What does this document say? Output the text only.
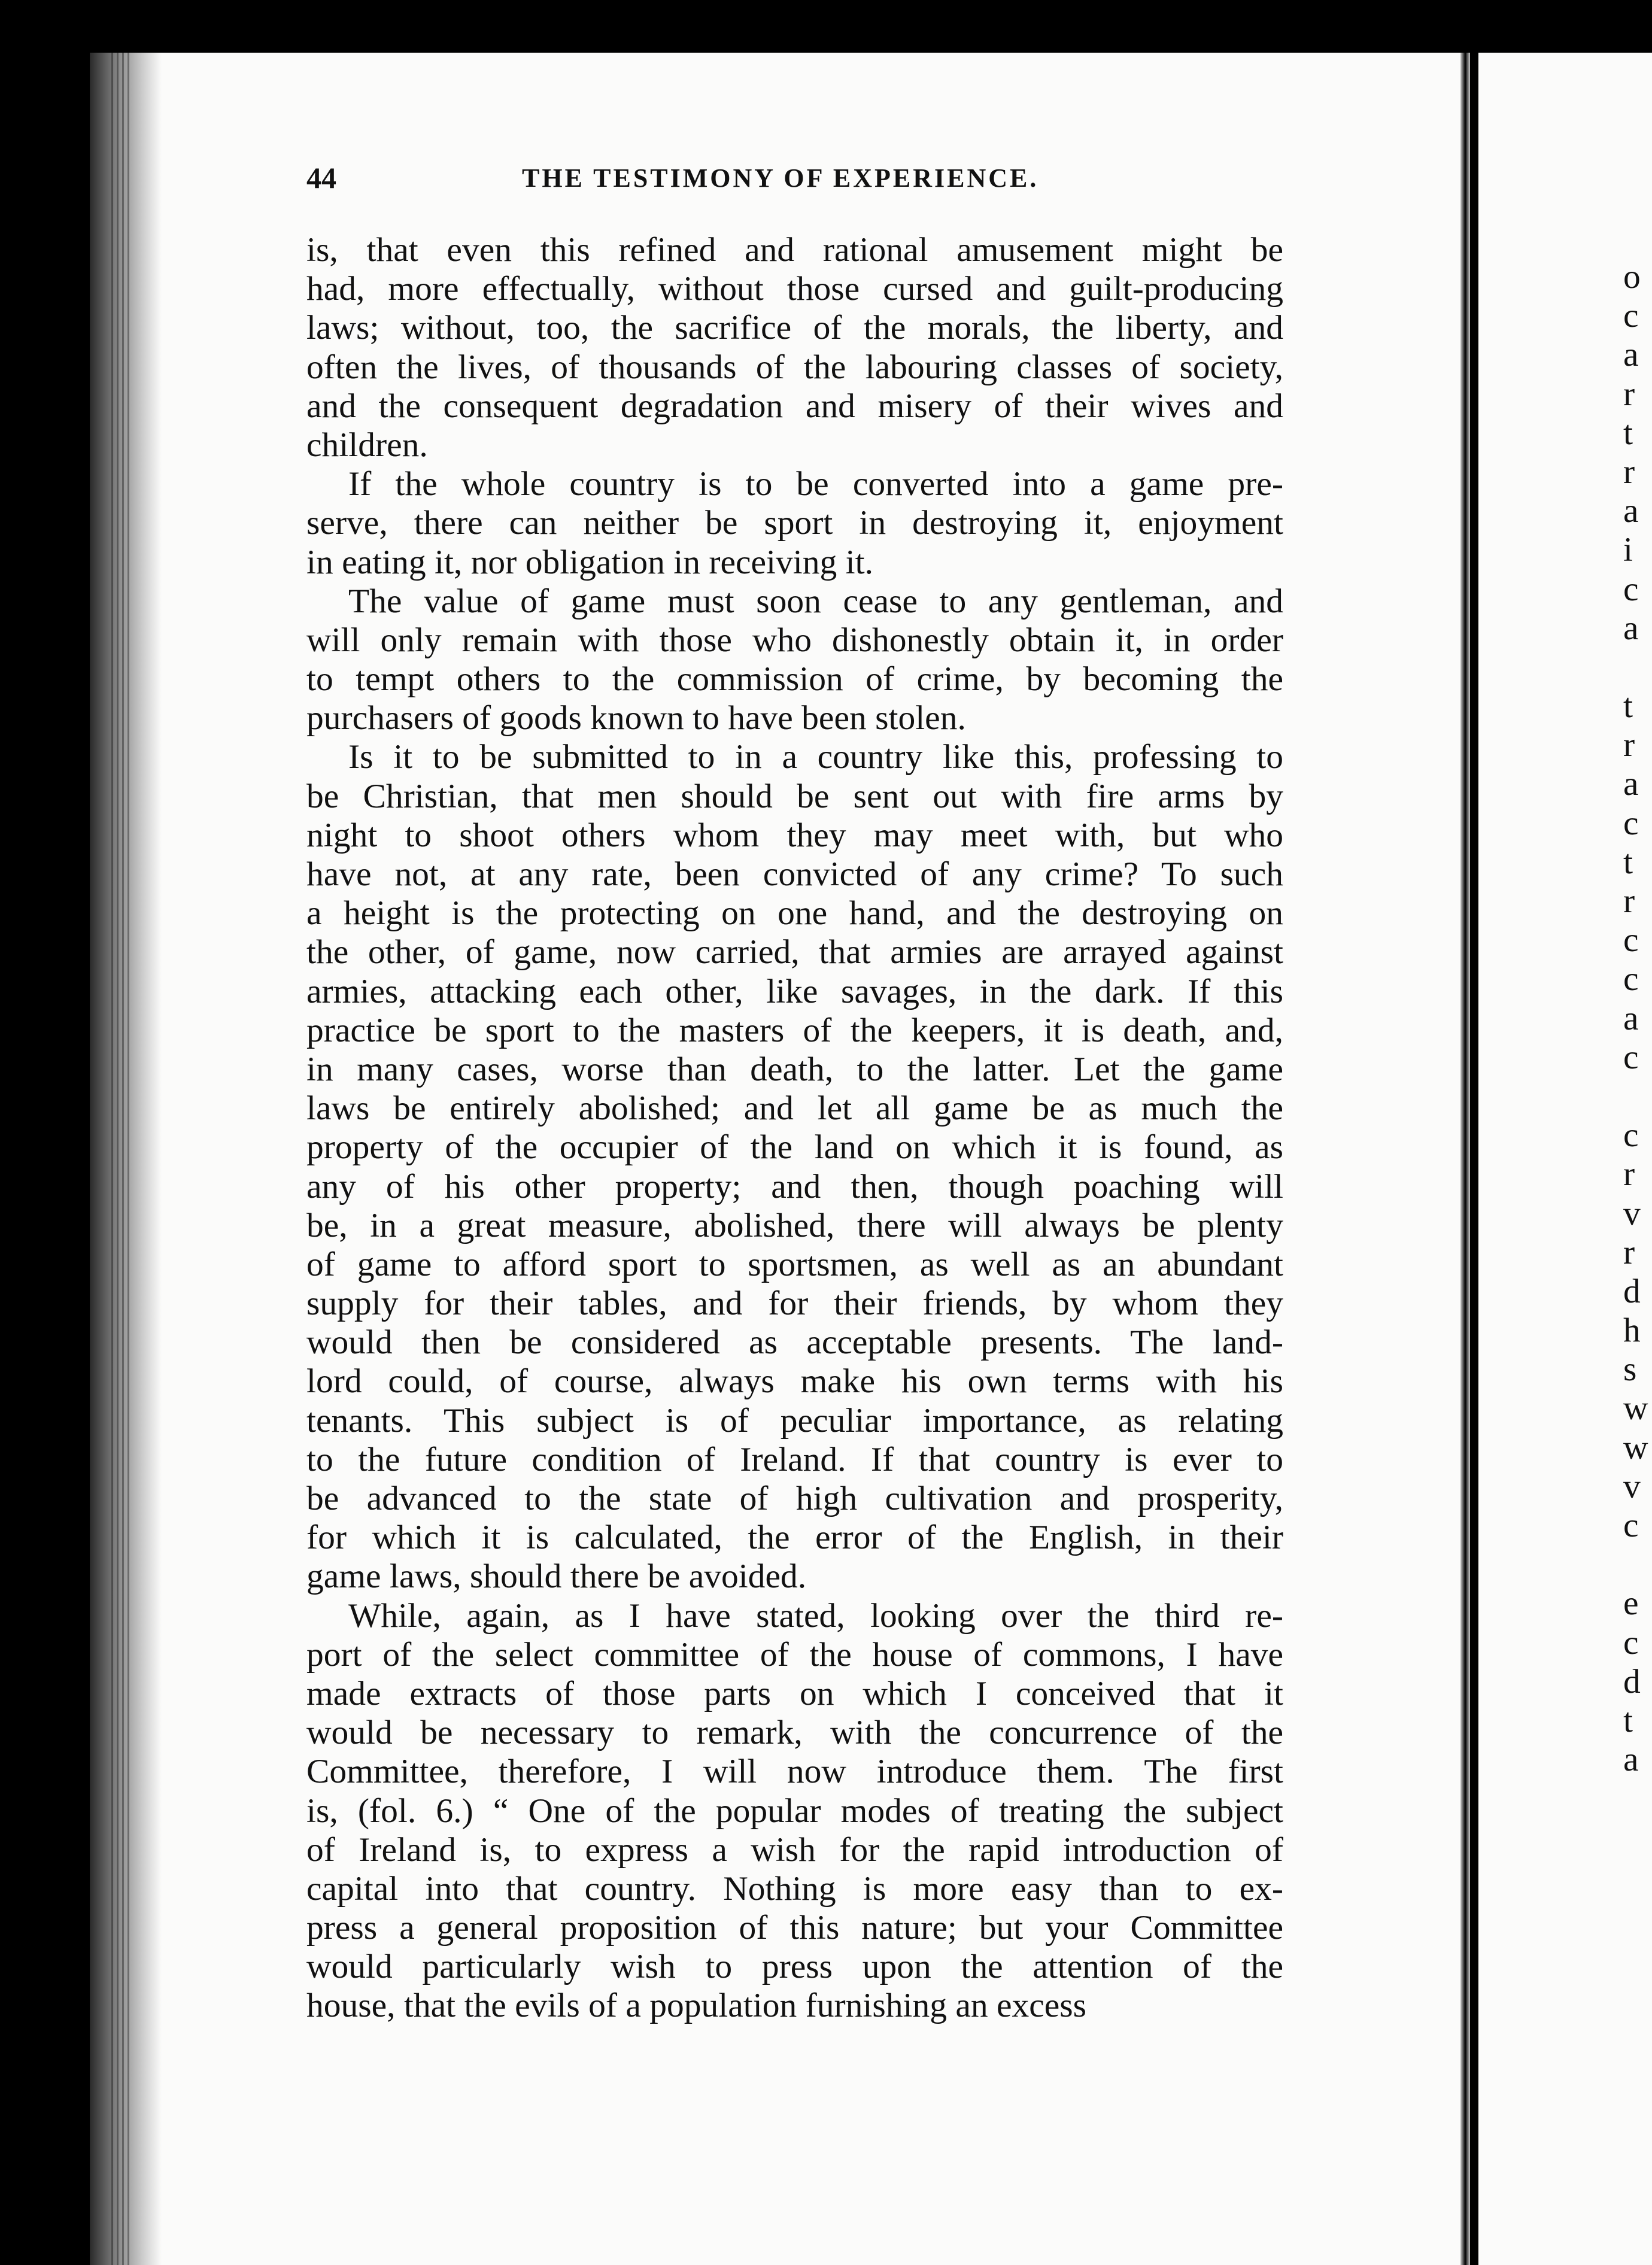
44	THE TESTIMONY OF EXPERIENCE.
is, that even this refined and rational amusement might be
had, more effectually, without those cursed and guilt-producing
laws; without, too, the sacrifice of the morals, the liberty, and
often the lives, of thousands of the labouring classes of society,
and the consequent degradation and misery of their wives and
children.
If the whole country is to be converted into a game pre-
serve, there can neither be sport in destroying it, enjoyment
in eating it, nor obligation in receiving it.
The value of game must soon cease to any gentleman, and
will only remain with those who dishonestly obtain it, in order
to tempt others to the commission of crime, by becoming the
purchasers of goods known to have been stolen.
Is it to be submitted to in a country like this, professing to
be Christian, that men should be sent out with fire arms by
night to shoot others whom they may meet with, but who
have not, at any rate, been convicted of any crime? To such
a height is the protecting on one hand, and the destroying on
the other, of game, now carried, that armies are arrayed against
armies, attacking each other, like savages, in the dark. If this
practice be sport to the masters of the keepers, it is death, and,
in many cases, worse than death, to the latter. Let the game
laws be entirely abolished; and let all game be as much the
property of the occupier of the land on which it is found, as
any of his other property; and then, though poaching will
be, in a great measure, abolished, there will always be plenty
of game to afford sport to sportsmen, as well as an abundant
supply for their tables, and for their friends, by whom they
would then be considered as acceptable presents. The land-
lord could, of course, always make his own terms with his
tenants. This subject is of peculiar importance, as relating
to the future condition of Ireland. If that country is ever to
be advanced to the state of high cultivation and prosperity,
for which it is calculated, the error of the English, in their
game laws, should there be avoided.
While, again, as I have stated, looking over the third re-
port of the select committee of the house of commons, I have
made extracts of those parts on which I conceived that it
would be necessary to remark, with the concurrence of the
Committee, therefore, I will now introduce them. The first
is, (fol. 6.) “ One of the popular modes of treating the subject
of Ireland is, to express a wish for the rapid introduction of
capital into that country. Nothing is more easy than to ex-
press a general proposition of this nature; but your Committee
would particularly wish to press upon the attention of the
house, that the evils of a population furnishing an excess
o
c
a
r
t
r
a
i
c
a
t
r
a
c
t
r
c
c
a
c
c
r
v
r
d
h
s
w
w
v
c
e
c
d
t
a
